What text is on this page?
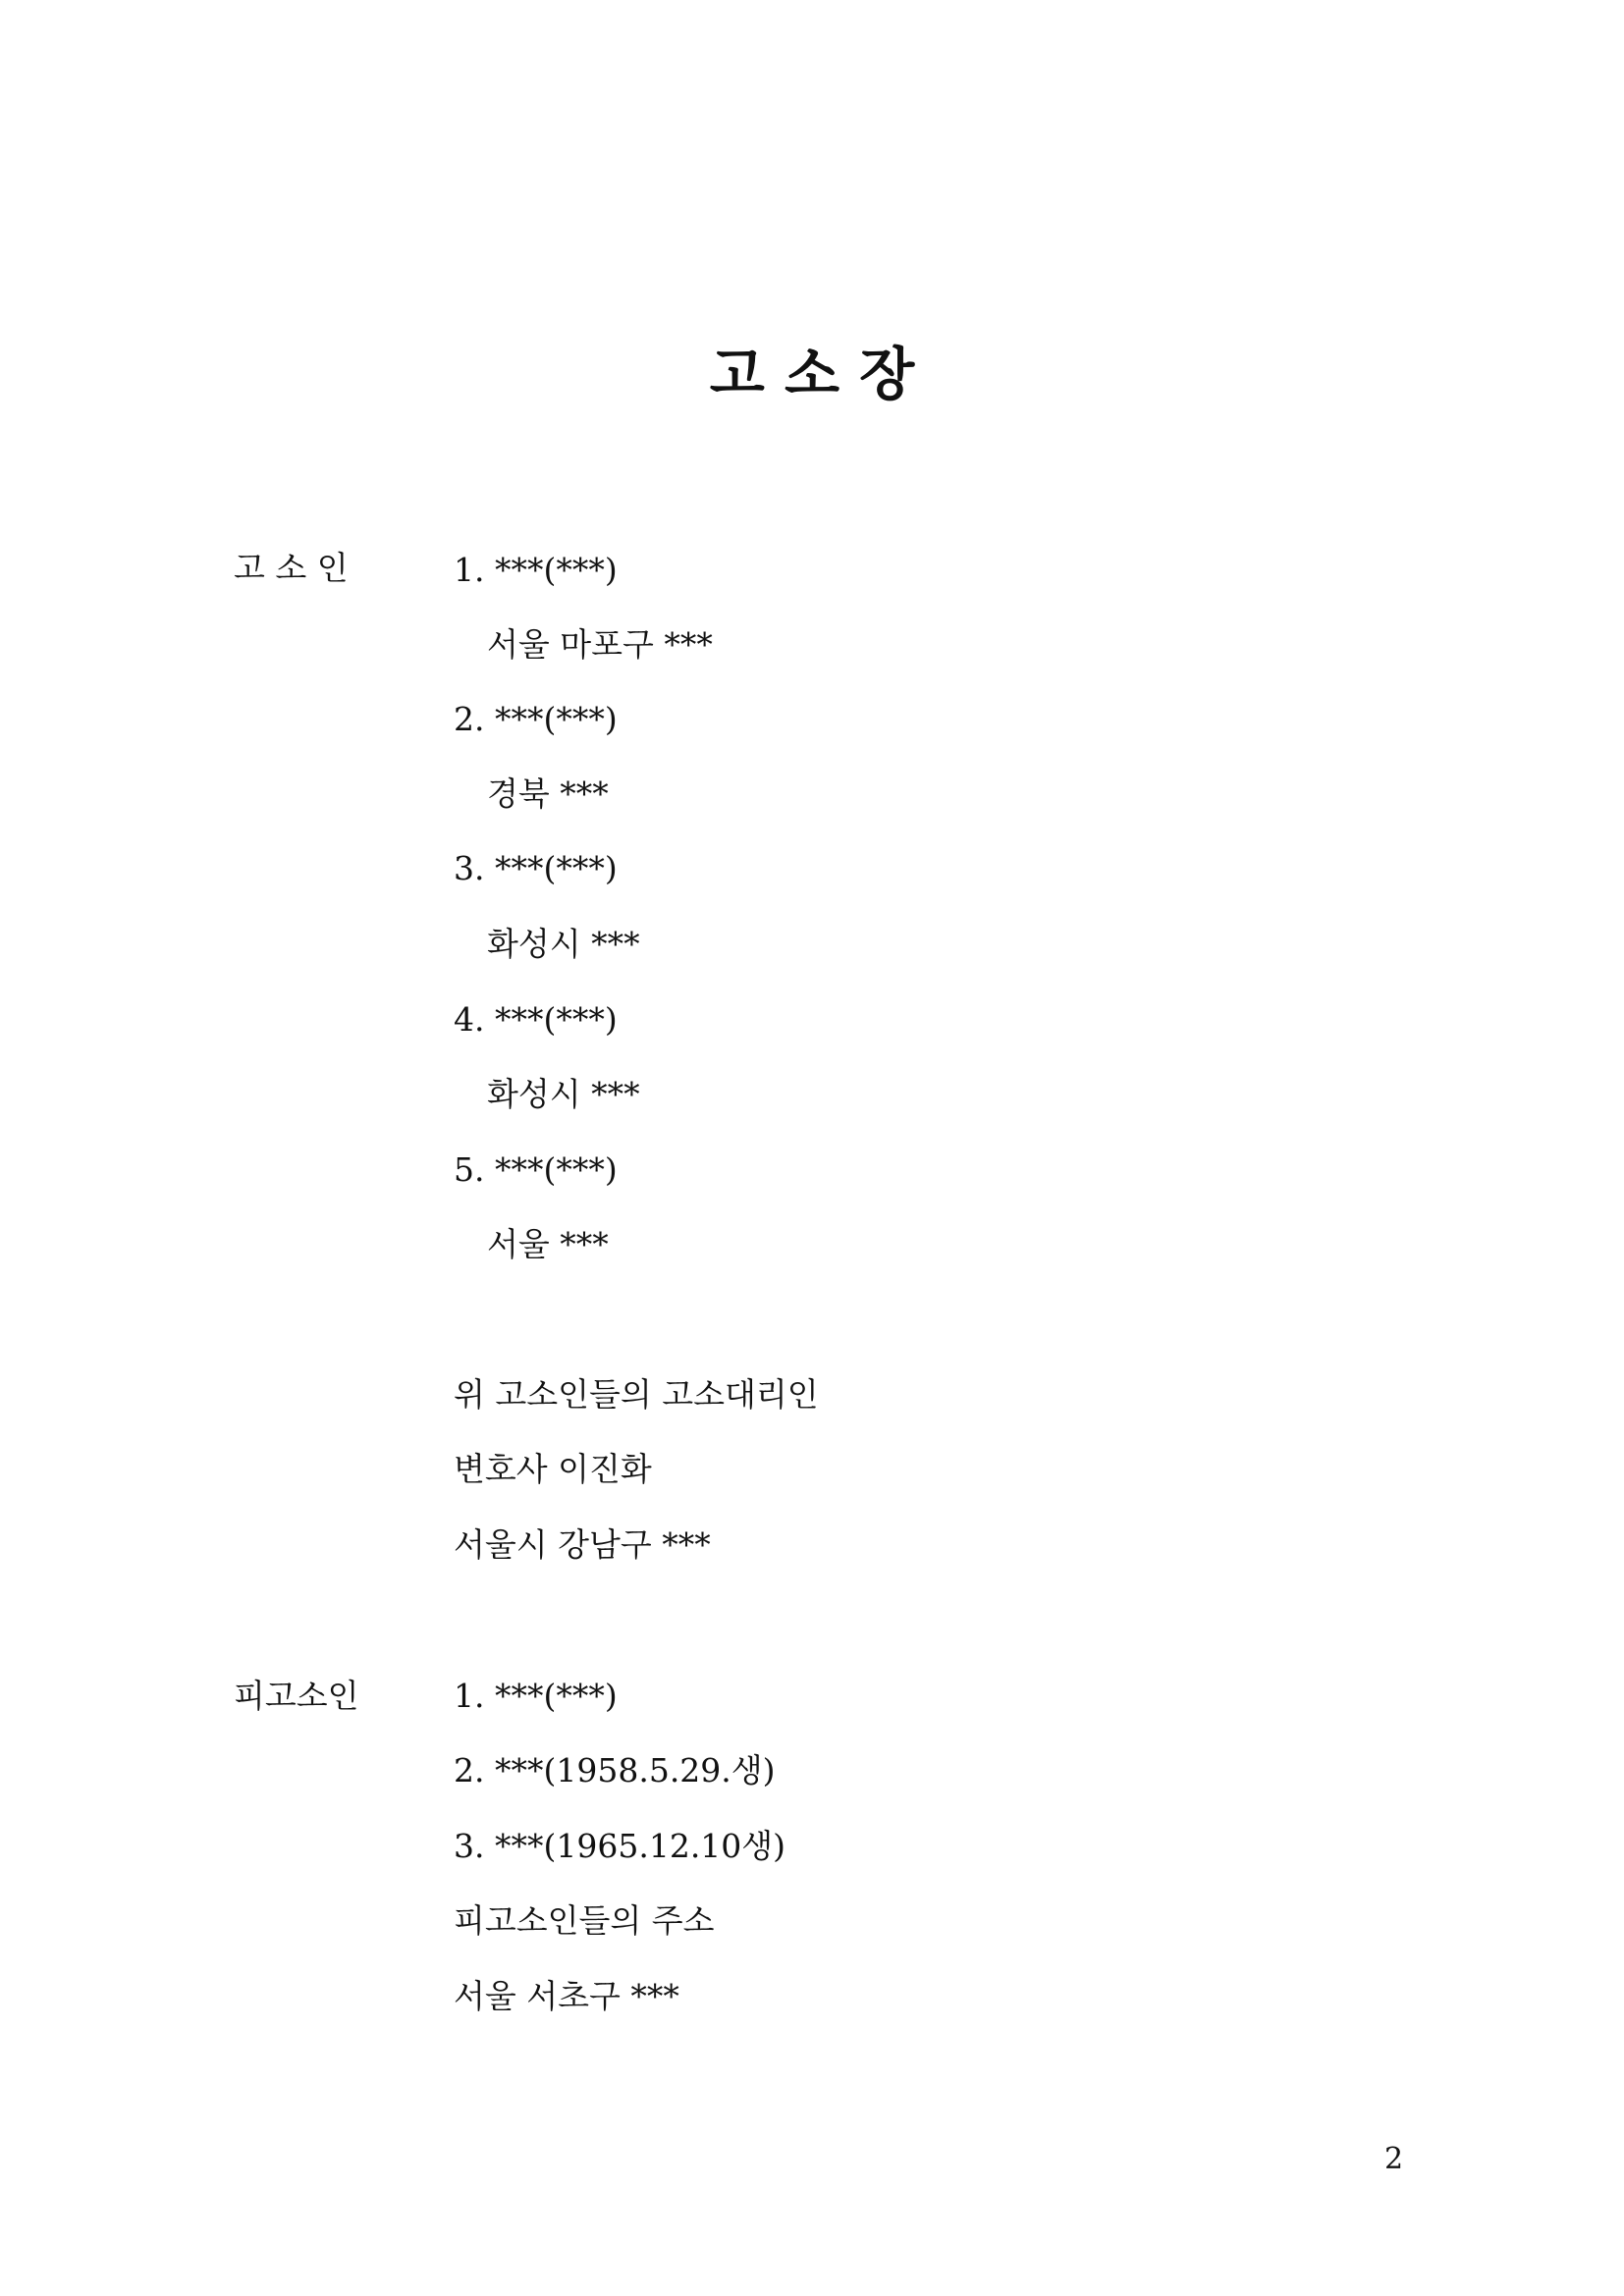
고 소 장
고 소 인	1. ***(***)
서울 마포구 ***
2. ***(***)
경북 ***
3. ***(***)
화성시 ***
4. ***(***)
화성시 ***
5. ***(***)
서울 ***
위 고소인들의 고소대리인
변호사 이진화
서울시 강남구 ***
피고소인	1. ***(***)
2. ***(1958.5.29.생)
3. ***(1965.12.10생)
피고소인들의 주소
서울 서초구 ***
2
